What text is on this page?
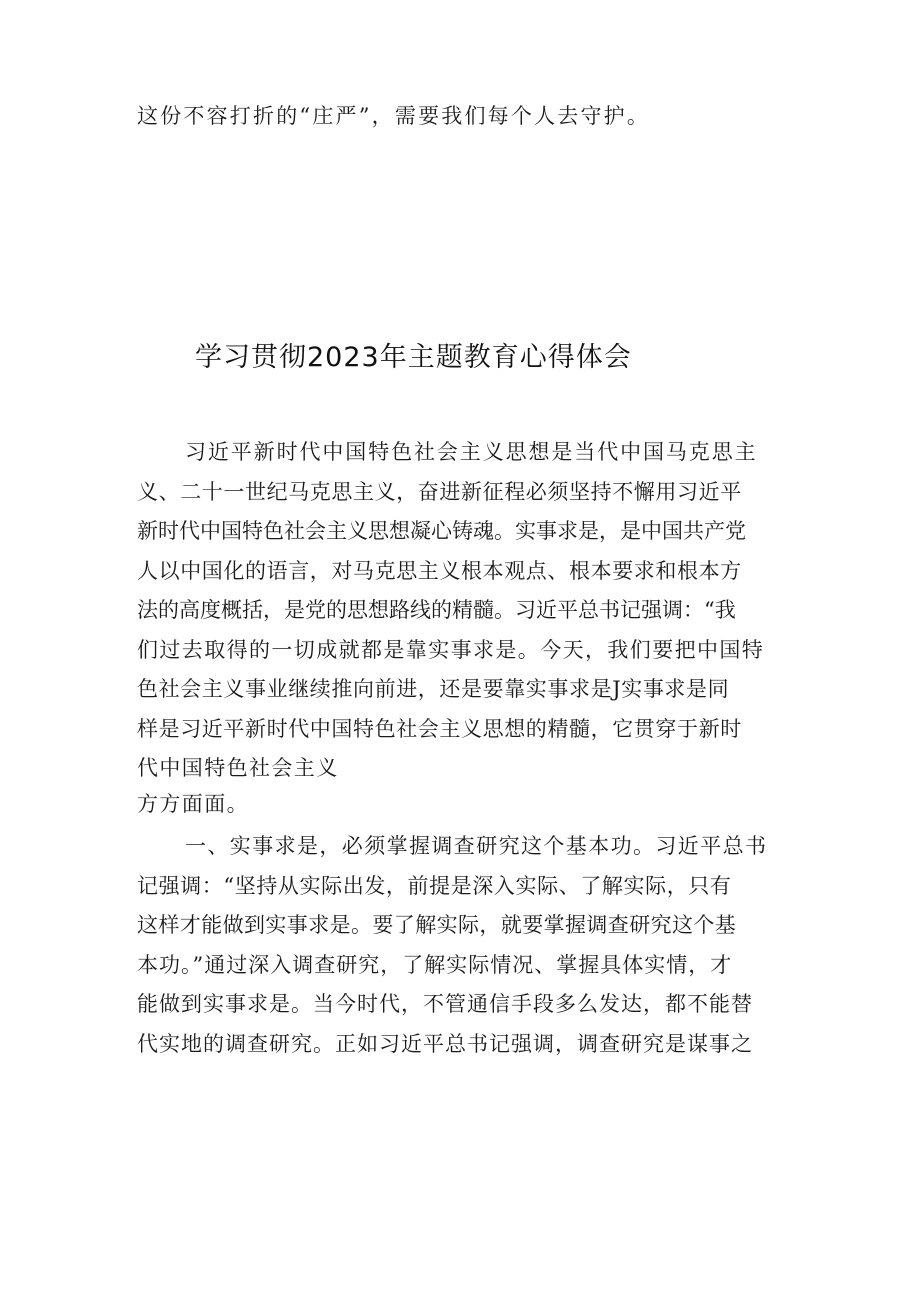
这份不容打折的“庄严”，需要我们每个人去守护。
学习贯彻2023年主题教育心得体会
习近平新时代中国特色社会主义思想是当代中国马克思主
义、二十一世纪马克思主义，奋进新征程必须坚持不懈用习近平
新时代中国特色社会主义思想凝心铸魂。实事求是，是中国共产党
人以中国化的语言，对马克思主义根本观点、根本要求和根本方
法的高度概括，是党的思想路线的精髓。习近平总书记强调：“我
们过去取得的一切成就都是靠实事求是。今天，我们要把中国特
色社会主义事业继续推向前进，还是要靠实事求是J实事求是同
样是习近平新时代中国特色社会主义思想的精髓，它贯穿于新时
代中国特色社会主义
方方面面。
一、实事求是，必须掌握调查研究这个基本功。习近平总书
记强调：“坚持从实际出发，前提是深入实际、了解实际，只有
这样才能做到实事求是。要了解实际，就要掌握调查研究这个基
本功。”通过深入调查研究，了解实际情况、掌握具体实情，才
能做到实事求是。当今时代，不管通信手段多么发达，都不能替
代实地的调查研究。正如习近平总书记强调，调查研究是谋事之
